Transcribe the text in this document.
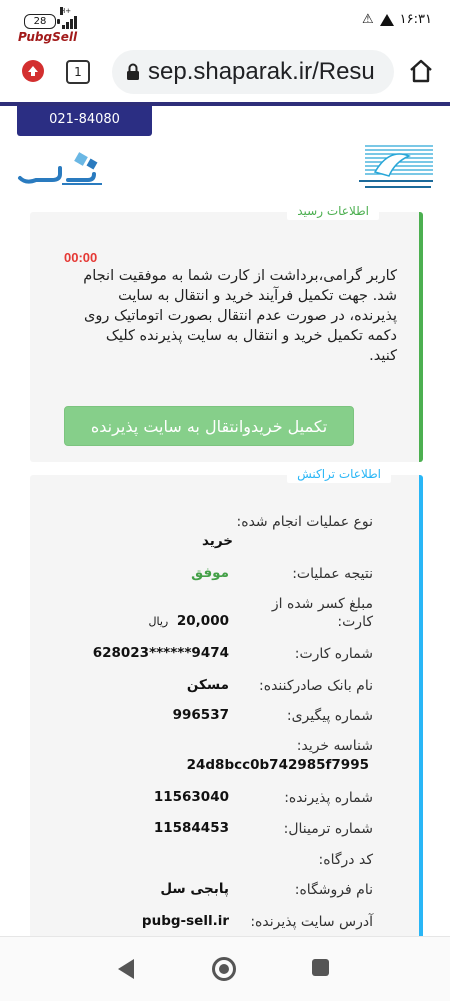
28
H+
PubgSell
⚠ ١۶:٣١
1	sep.shaparak.ir/Resu
021-84080
اطلاعات رسید
00:00
کاربر گرامی،برداشت از کارت شما به موفقیت انجام شد. جهت تکمیل فرآیند خرید و انتقال به سایت پذیرنده، در صورت عدم انتقال بصورت اتوماتیک روی دکمه تکمیل خرید و انتقال به سایت پذیرنده کلیک کنید.
تکمیل خریدوانتقال به سایت پذیرنده
اطلاعات تراکنش
نوع عملیات انجام شده:
خرید
نتیجه عملیات:
موفق
مبلغ کسر شده از کارت:
20,000 ریال
شماره کارت:
628023******9474
نام بانک صادرکننده:
مسکن
شماره پیگیری:
996537
شناسه خرید:
24d8bcc0b742985f7995
شماره پذیرنده:
11563040
شماره ترمینال:
11584453
کد درگاه:
نام فروشگاه:
پابجی سل
آدرس سایت پذیرنده:
pubg-sell.ir
